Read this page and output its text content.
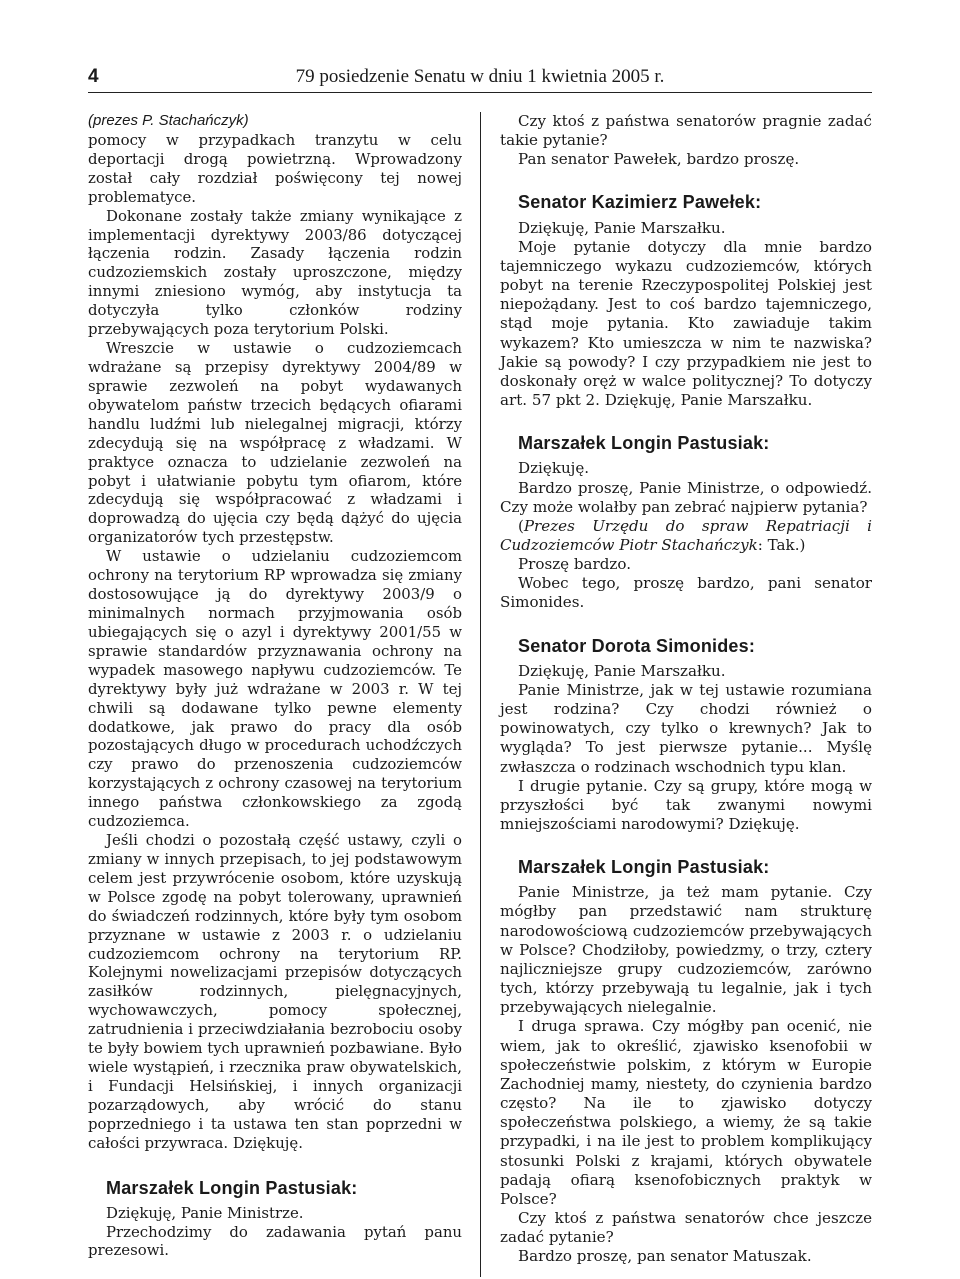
4	79 posiedzenie Senatu w dniu 1 kwietnia 2005 r.

(prezes P. Stachańczyk)

pomocy w przypadkach tranzytu w celu deportacji drogą powietrzną. Wprowadzony został cały rozdział poświęcony tej nowej problematyce.

Dokonane zostały także zmiany wynikające z implementacji dyrektywy 2003/86 dotyczącej łączenia rodzin. Zasady łączenia rodzin cudzoziemskich zostały uproszczone, między innymi zniesiono wymóg, aby instytucja ta dotyczyła tylko członków rodziny przebywających poza terytorium Polski.

Wreszcie w ustawie o cudzoziemcach wdrażane są przepisy dyrektywy 2004/89 w sprawie zezwoleń na pobyt wydawanych obywatelom państw trzecich będących ofiarami handlu ludźmi lub nielegalnej migracji, którzy zdecydują się na współpracę z władzami. W praktyce oznacza to udzielanie zezwoleń na pobyt i ułatwianie pobytu tym ofiarom, które zdecydują się współpracować z władzami i doprowadzą do ujęcia czy będą dążyć do ujęcia organizatorów tych przestępstw.

W ustawie o udzielaniu cudzoziemcom ochrony na terytorium RP wprowadza się zmiany dostosowujące ją do dyrektywy 2003/9 o minimalnych normach przyjmowania osób ubiegających się o azyl i dyrektywy 2001/55 w sprawie standardów przyznawania ochrony na wypadek masowego napływu cudzoziemców. Te dyrektywy były już wdrażane w 2003 r. W tej chwili są dodawane tylko pewne elementy dodatkowe, jak prawo do pracy dla osób pozostających długo w procedurach uchodźczych czy prawo do przenoszenia cudzoziemców korzystających z ochrony czasowej na terytorium innego państwa członkowskiego za zgodą cudzoziemca.

Jeśli chodzi o pozostałą część ustawy, czyli o zmiany w innych przepisach, to jej podstawowym celem jest przywrócenie osobom, które uzyskują w Polsce zgodę na pobyt tolerowany, uprawnień do świadczeń rodzinnych, które były tym osobom przyznane w ustawie z 2003 r. o udzielaniu cudzoziemcom ochrony na terytorium RP. Kolejnymi nowelizacjami przepisów dotyczących zasiłków rodzinnych, pielęgnacyjnych, wychowawczych, pomocy społecznej, zatrudnienia i przeciwdziałania bezrobociu osoby te były bowiem tych uprawnień pozbawiane. Było wiele wystąpień, i rzecznika praw obywatelskich, i Fundacji Helsińskiej, i innych organizacji pozarządowych, aby wrócić do stanu poprzedniego i ta ustawa ten stan poprzedni w całości przywraca. Dziękuję.

Marszałek Longin Pastusiak:

Dziękuję, Panie Ministrze.

Przechodzimy do zadawania pytań panu prezesowi.

Czy ktoś z państwa senatorów pragnie zadać takie pytanie?

Pan senator Pawełek, bardzo proszę.

Senator Kazimierz Pawełek:

Dziękuję, Panie Marszałku.

Moje pytanie dotyczy dla mnie bardzo tajemniczego wykazu cudzoziemców, których pobyt na terenie Rzeczypospolitej Polskiej jest niepożądany. Jest to coś bardzo tajemniczego, stąd moje pytania. Kto zawiaduje takim wykazem? Kto umieszcza w nim te nazwiska? Jakie są powody? I czy przypadkiem nie jest to doskonały oręż w walce politycznej? To dotyczy art. 57 pkt 2. Dziękuję, Panie Marszałku.

Marszałek Longin Pastusiak:

Dziękuję.

Bardzo proszę, Panie Ministrze, o odpowiedź. Czy może wolałby pan zebrać najpierw pytania?

(Prezes Urzędu do spraw Repatriacji i Cudzoziemców Piotr Stachańczyk: Tak.)

Proszę bardzo.

Wobec tego, proszę bardzo, pani senator Simonides.

Senator Dorota Simonides:

Dziękuję, Panie Marszałku.

Panie Ministrze, jak w tej ustawie rozumiana jest rodzina? Czy chodzi również o powinowatych, czy tylko o krewnych? Jak to wygląda? To jest pierwsze pytanie... Myślę zwłaszcza o rodzinach wschodnich typu klan.

I drugie pytanie. Czy są grupy, które mogą w przyszłości być tak zwanymi nowymi mniejszościami narodowymi? Dziękuję.

Marszałek Longin Pastusiak:

Panie Ministrze, ja też mam pytanie. Czy mógłby pan przedstawić nam strukturę narodowościową cudzoziemców przebywających w Polsce? Chodziłoby, powiedzmy, o trzy, cztery najliczniejsze grupy cudzoziemców, zarówno tych, którzy przebywają tu legalnie, jak i tych przebywających nielegalnie.

I druga sprawa. Czy mógłby pan ocenić, nie wiem, jak to określić, zjawisko ksenofobii w społeczeństwie polskim, z którym w Europie Zachodniej mamy, niestety, do czynienia bardzo często? Na ile to zjawisko dotyczy społeczeństwa polskiego, a wiemy, że są takie przypadki, i na ile jest to problem komplikujący stosunki Polski z krajami, których obywatele padają ofiarą ksenofobicznych praktyk w Polsce?

Czy ktoś z państwa senatorów chce jeszcze zadać pytanie?

Bardzo proszę, pan senator Matuszak.
